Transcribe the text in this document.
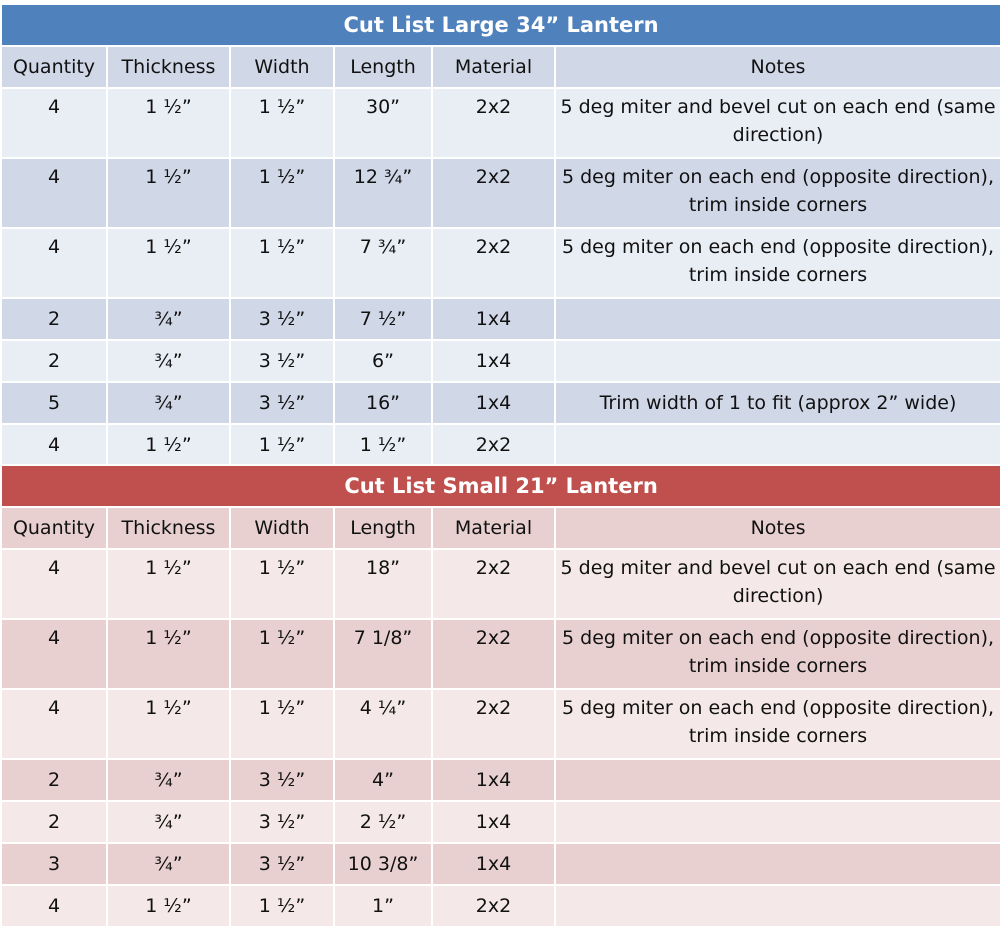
Cut List Large 34” Lantern					
Quantity	Thickness	Width	Length	Material	Notes
4	1 ½”	1 ½”	30”	2x2	5 deg miter and bevel cut on each end (same direction)
4	1 ½”	1 ½”	12 ¾”	2x2	5 deg miter on each end (opposite direction), trim inside corners
4	1 ½”	1 ½”	7 ¾”	2x2	5 deg miter on each end (opposite direction), trim inside corners
2	¾”	3 ½”	7 ½”	1x4	
2	¾”	3 ½”	6”	1x4	
5	¾”	3 ½”	16”	1x4	Trim width of 1 to fit (approx 2” wide)
4	1 ½”	1 ½”	1 ½”	2x2	
Cut List Small 21” Lantern					
Quantity	Thickness	Width	Length	Material	Notes
4	1 ½”	1 ½”	18”	2x2	5 deg miter and bevel cut on each end (same direction)
4	1 ½”	1 ½”	7 1/8”	2x2	5 deg miter on each end (opposite direction), trim inside corners
4	1 ½”	1 ½”	4 ¼”	2x2	5 deg miter on each end (opposite direction), trim inside corners
2	¾”	3 ½”	4”	1x4	
2	¾”	3 ½”	2 ½”	1x4	
3	¾”	3 ½”	10 3/8”	1x4	
4	1 ½”	1 ½”	1”	2x2	
